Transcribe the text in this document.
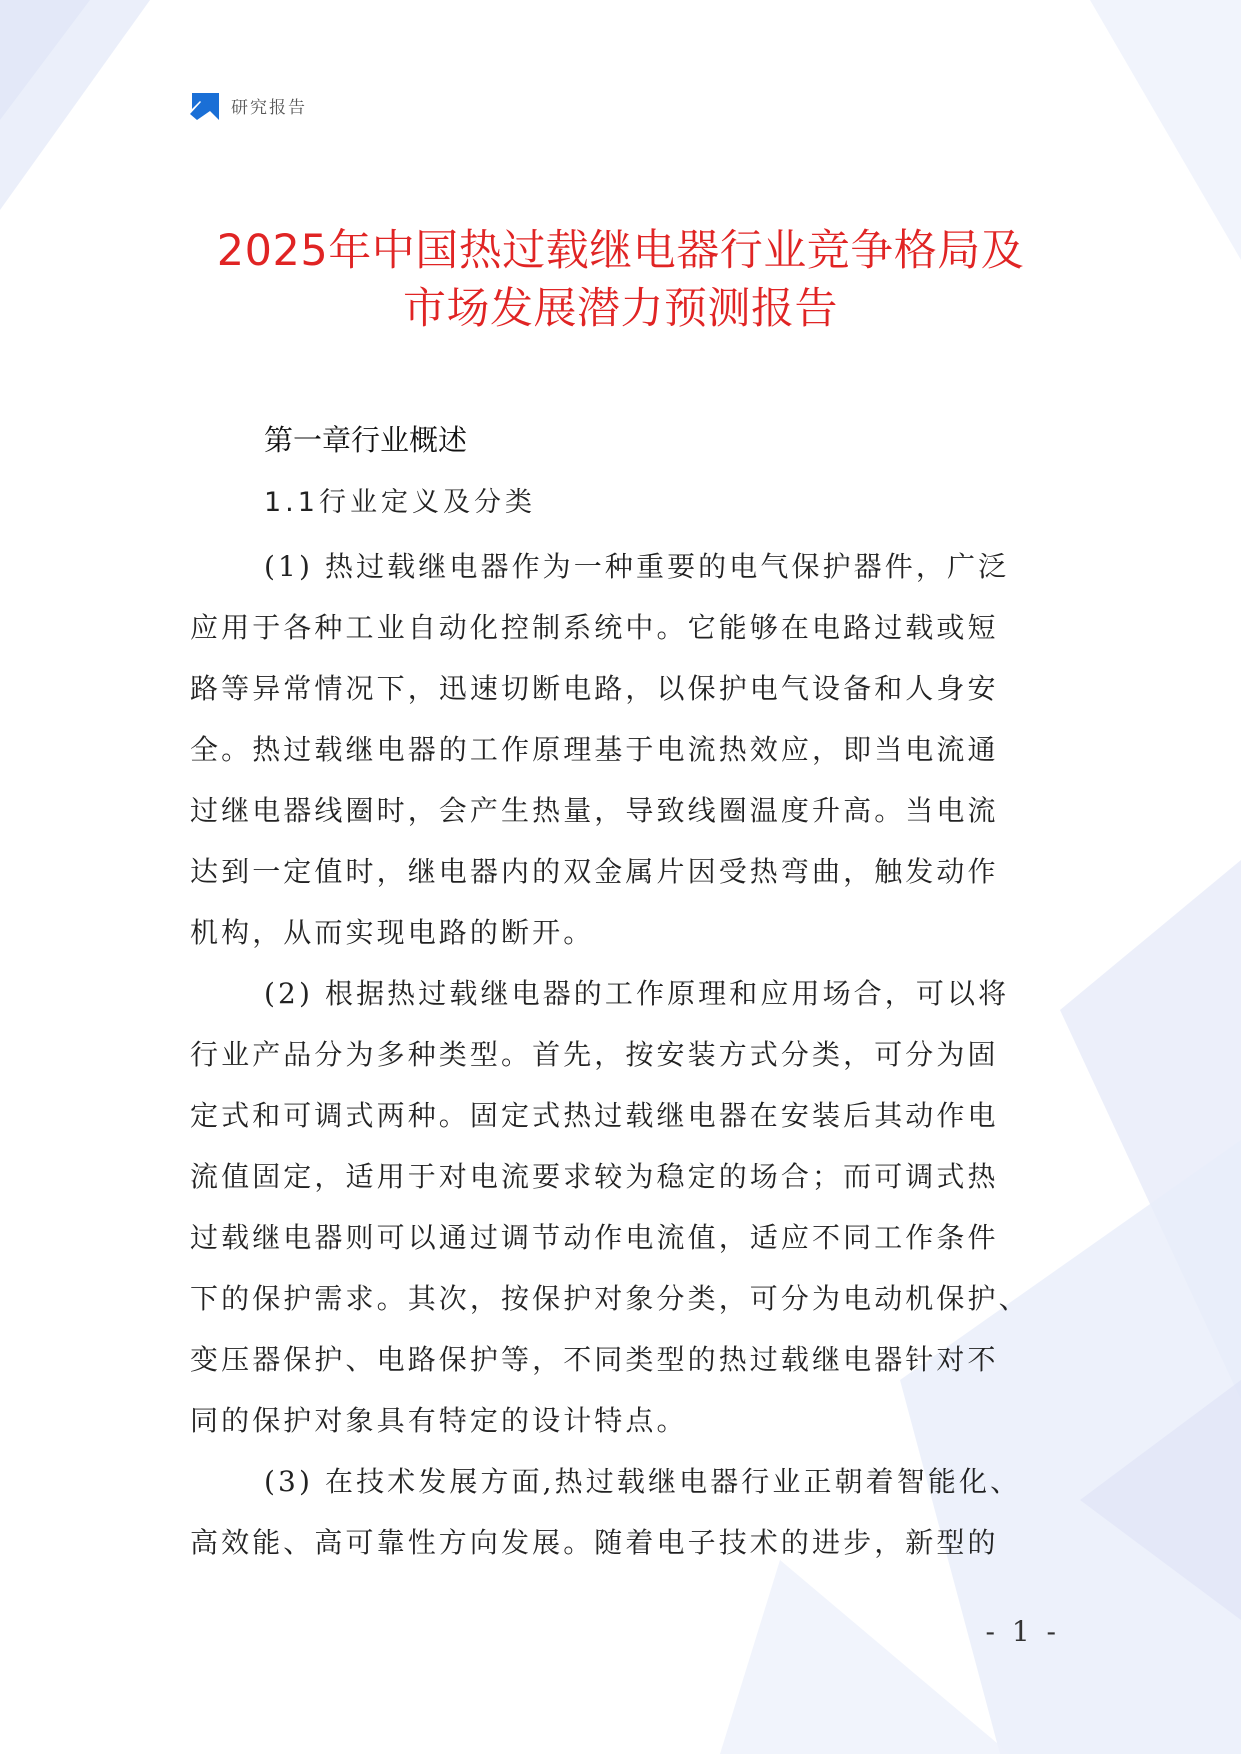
研究报告
2025年中国热过载继电器行业竞争格局及
市场发展潜力预测报告
第一章行业概述
1.1行业定义及分类
(1) 热过载继电器作为一种重要的电气保护器件，广泛
应用于各种工业自动化控制系统中。它能够在电路过载或短
路等异常情况下，迅速切断电路，以保护电气设备和人身安
全。热过载继电器的工作原理基于电流热效应，即当电流通
过继电器线圈时，会产生热量，导致线圈温度升高。当电流
达到一定值时，继电器内的双金属片因受热弯曲，触发动作
机构，从而实现电路的断开。
(2) 根据热过载继电器的工作原理和应用场合，可以将
行业产品分为多种类型。首先，按安装方式分类，可分为固
定式和可调式两种。固定式热过载继电器在安装后其动作电
流值固定，适用于对电流要求较为稳定的场合；而可调式热
过载继电器则可以通过调节动作电流值，适应不同工作条件
下的保护需求。其次，按保护对象分类，可分为电动机保护、
变压器保护、电路保护等，不同类型的热过载继电器针对不
同的保护对象具有特定的设计特点。
(3) 在技术发展方面,热过载继电器行业正朝着智能化、
高效能、高可靠性方向发展。随着电子技术的进步，新型的
- 1 -
